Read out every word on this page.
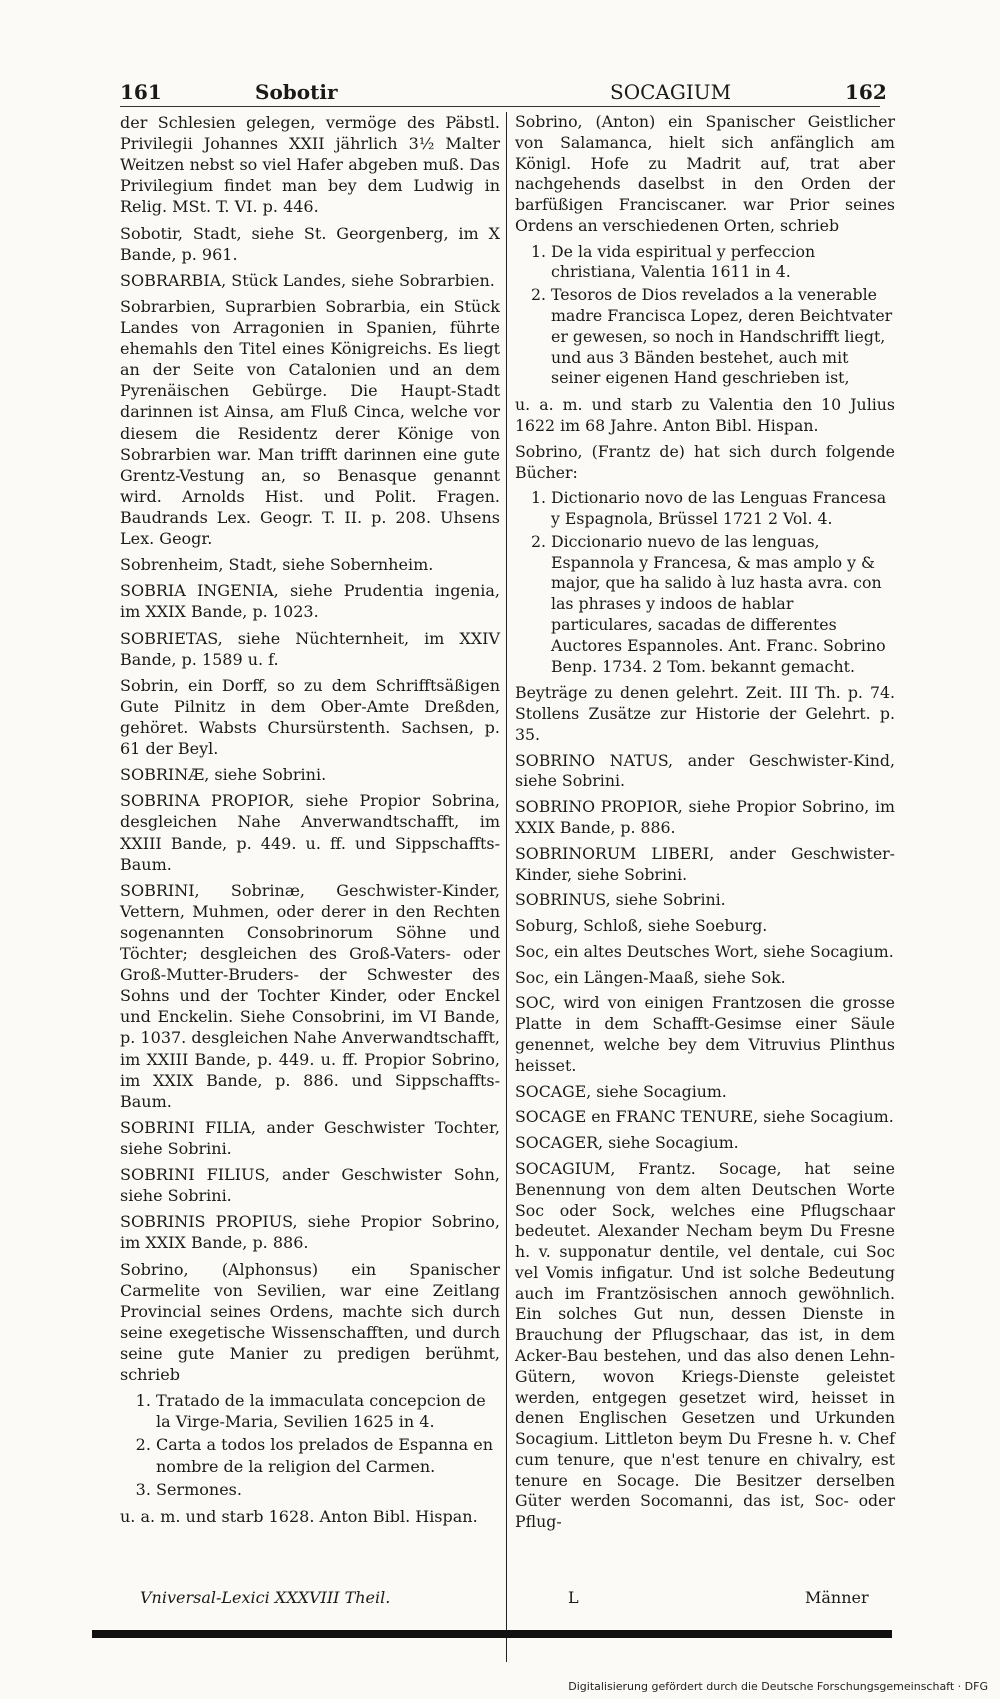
161	Sobotir	SOCAGIUM	162

der Schlesien gelegen, vermöge des Päbstl. Privilegii Johannes XXII jährlich 3½ Malter Weitzen nebst so viel Hafer abgeben muß. Das Privilegium findet man bey dem Ludwig in Relig. MSt. T. VI. p. 446.

Sobotir, Stadt, siehe St. Georgenberg, im X Bande, p. 961.

SOBRARBIA, Stück Landes, siehe Sobrarbien.

Sobrarbien, Suprarbien Sobrarbia, ein Stück Landes von Arragonien in Spanien, führte ehemahls den Titel eines Königreichs. Es liegt an der Seite von Catalonien und an dem Pyrenäischen Gebürge. Die Haupt-Stadt darinnen ist Ainsa, am Fluß Cinca, welche vor diesem die Residentz derer Könige von Sobrarbien war. Man trifft darinnen eine gute Grentz-Vestung an, so Benasque genannt wird. Arnolds Hist. und Polit. Fragen. Baudrands Lex. Geogr. T. II. p. 208. Uhsens Lex. Geogr.

Sobrenheim, Stadt, siehe Sobernheim.

SOBRIA INGENIA, siehe Prudentia ingenia, im XXIX Bande, p. 1023.

SOBRIETAS, siehe Nüchternheit, im XXIV Bande, p. 1589 u. f.

Sobrin, ein Dorff, so zu dem Schrifftsäßigen Gute Pilnitz in dem Ober-Amte Dreßden, gehöret. Wabsts Chursürstenth. Sachsen, p. 61 der Beyl.

SOBRINÆ, siehe Sobrini.

SOBRINA PROPIOR, siehe Propior Sobrina, desgleichen Nahe Anverwandtschafft, im XXIII Bande, p. 449. u. ff. und Sippschaffts-Baum.

SOBRINI, Sobrinæ, Geschwister-Kinder, Vettern, Muhmen, oder derer in den Rechten sogenannten Consobrinorum Söhne und Töchter; desgleichen des Groß-Vaters- oder Groß-Mutter-Bruders- der Schwester des Sohns und der Tochter Kinder, oder Enckel und Enckelin. Siehe Consobrini, im VI Bande, p. 1037. desgleichen Nahe Anverwandtschafft, im XXIII Bande, p. 449. u. ff. Propior Sobrino, im XXIX Bande, p. 886. und Sippschaffts-Baum.

SOBRINI FILIA, ander Geschwister Tochter, siehe Sobrini.

SOBRINI FILIUS, ander Geschwister Sohn, siehe Sobrini.

SOBRINIS PROPIUS, siehe Propior Sobrino, im XXIX Bande, p. 886.

Sobrino, (Alphonsus) ein Spanischer Carmelite von Sevilien, war eine Zeitlang Provincial seines Ordens, machte sich durch seine exegetische Wissenschafften, und durch seine gute Manier zu predigen berühmt, schrieb

1. Tratado de la immaculata concepcion de la Virge-Maria, Sevilien 1625 in 4.
2. Carta a todos los prelados de Espanna en nombre de la religion del Carmen.
3. Sermones.

u. a. m. und starb 1628. Anton Bibl. Hispan.

Sobrino, (Anton) ein Spanischer Geistlicher von Salamanca, hielt sich anfänglich am Königl. Hofe zu Madrit auf, trat aber nachgehends daselbst in den Orden der barfüßigen Franciscaner. war Prior seines Ordens an verschiedenen Orten, schrieb

1. De la vida espiritual y perfeccion christiana, Valentia 1611 in 4.
2. Tesoros de Dios revelados a la venerable madre Francisca Lopez, deren Beichtvater er gewesen, so noch in Handschrifft liegt, und aus 3 Bänden bestehet, auch mit seiner eigenen Hand geschrieben ist,

u. a. m. und starb zu Valentia den 10 Julius 1622 im 68 Jahre. Anton Bibl. Hispan.

Sobrino, (Frantz de) hat sich durch folgende Bücher:

1. Dictionario novo de las Lenguas Francesa y Espagnola, Brüssel 1721 2 Vol. 4.
2. Diccionario nuevo de las lenguas, Espannola y Francesa, & mas amplo y & major, que ha salido à luz hasta avra. con las phrases y indoos de hablar particulares, sacadas de differentes Auctores Espannoles. Ant. Franc. Sobrino Benp. 1734. 2 Tom. bekannt gemacht.

Beyträge zu denen gelehrt. Zeit. III Th. p. 74. Stollens Zusätze zur Historie der Gelehrt. p. 35.

SOBRINO NATUS, ander Geschwister-Kind, siehe Sobrini.

SOBRINO PROPIOR, siehe Propior Sobrino, im XXIX Bande, p. 886.

SOBRINORUM LIBERI, ander Geschwister-Kinder, siehe Sobrini.

SOBRINUS, siehe Sobrini.

Soburg, Schloß, siehe Soeburg.

Soc, ein altes Deutsches Wort, siehe Socagium.

Soc, ein Längen-Maaß, siehe Sok.

SOC, wird von einigen Frantzosen die grosse Platte in dem Schafft-Gesimse einer Säule genennet, welche bey dem Vitruvius Plinthus heisset.

SOCAGE, siehe Socagium.

SOCAGE en FRANC TENURE, siehe Socagium.

SOCAGER, siehe Socagium.

SOCAGIUM, Frantz. Socage, hat seine Benennung von dem alten Deutschen Worte Soc oder Sock, welches eine Pflugschaar bedeutet. Alexander Necham beym Du Fresne h. v. supponatur dentile, vel dentale, cui Soc vel Vomis infigatur. Und ist solche Bedeutung auch im Frantzösischen annoch gewöhnlich. Ein solches Gut nun, dessen Dienste in Brauchung der Pflugschaar, das ist, in dem Acker-Bau bestehen, und das also denen Lehn-Gütern, wovon Kriegs-Dienste geleistet werden, entgegen gesetzet wird, heisset in denen Englischen Gesetzen und Urkunden Socagium. Littleton beym Du Fresne h. v. Chef cum tenure, que n'est tenure en chivalry, est tenure en Socage. Die Besitzer derselben Güter werden Socomanni, das ist, Soc- oder Pflug-

Vniversal-Lexici XXXVIII Theil.	L	Männer
Digitalisierung gefördert durch die Deutsche Forschungsgemeinschaft · DFG
